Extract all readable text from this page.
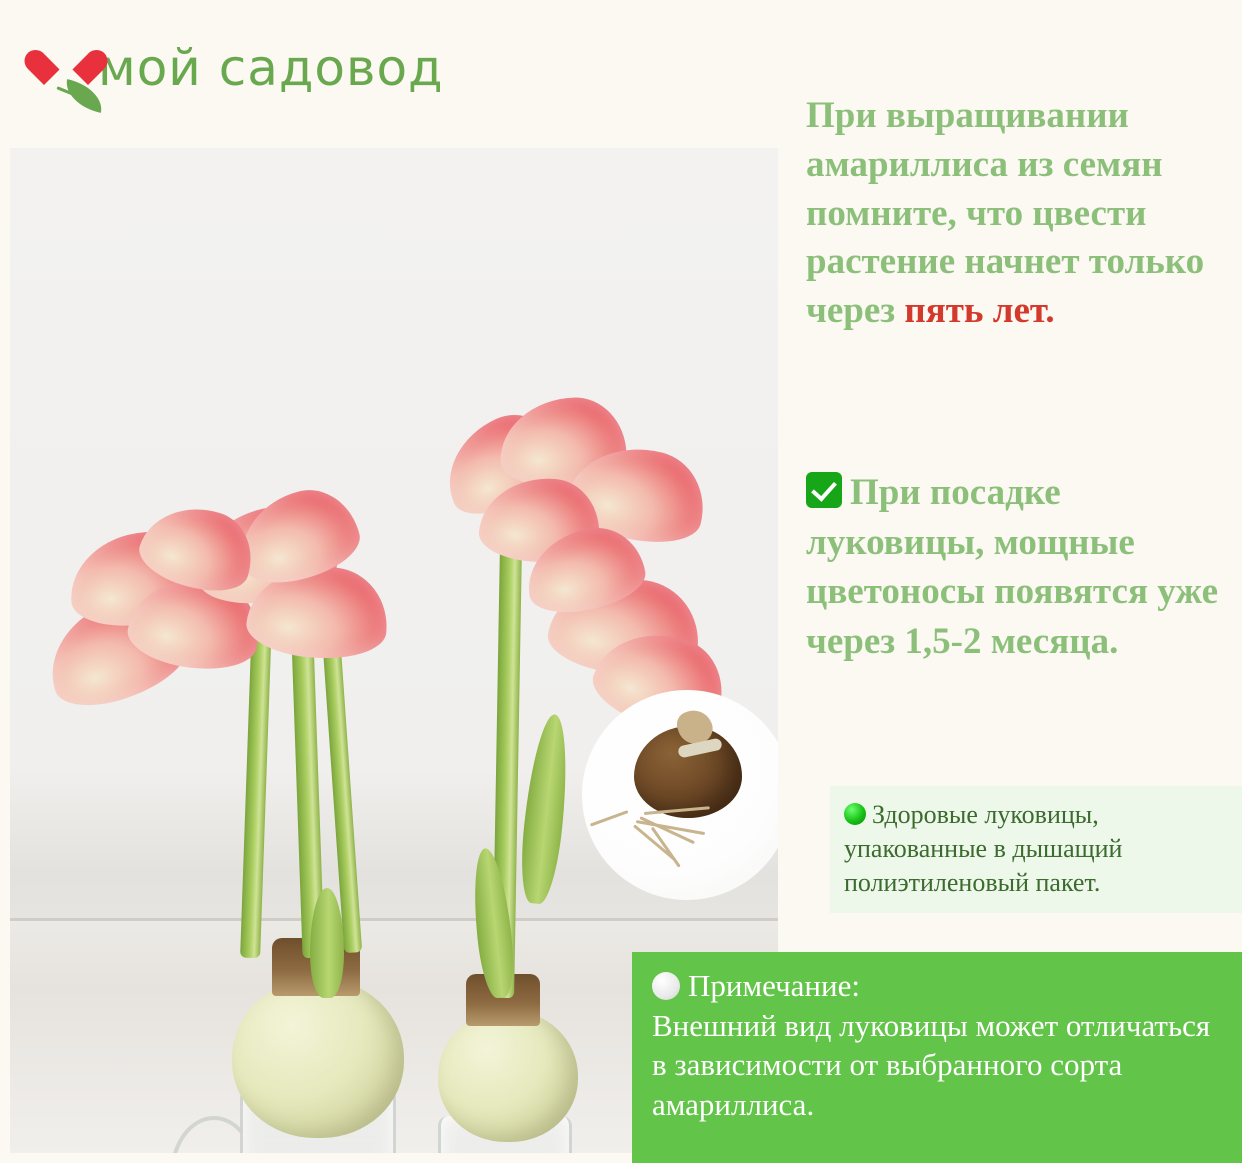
мой садовод
При выращивании амариллиса из семян помните, что цвести растение начнет только через пять лет.
При посадке луковицы, мощные цветоносы появятся уже через 1,5-2 месяца.
Здоровые луковицы, упакованные в дышащий полиэтиленовый пакет.
Примечание:
Внешний вид луковицы может отличаться в зависимости от выбранного сорта амариллиса.
